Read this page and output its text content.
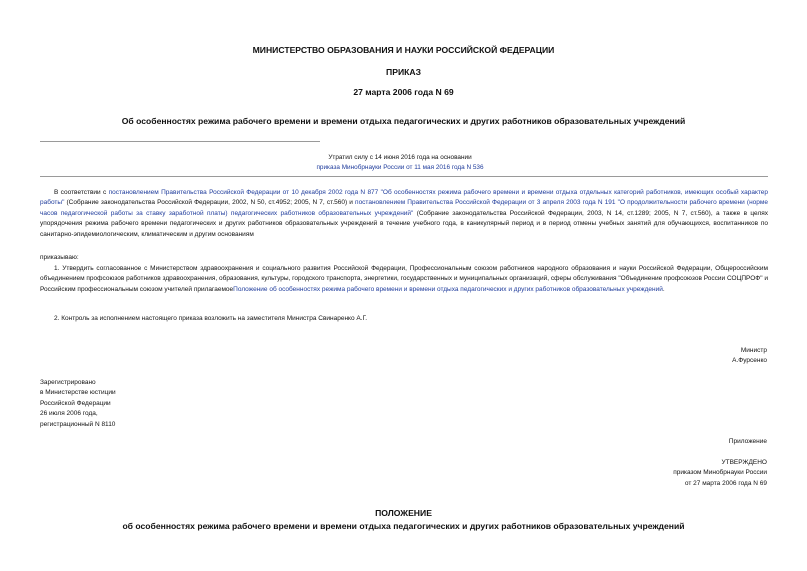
МИНИСТЕРСТВО ОБРАЗОВАНИЯ И НАУКИ РОССИЙСКОЙ ФЕДЕРАЦИИ
ПРИКАЗ
27 марта 2006 года N 69
Об особенностях режима рабочего времени и времени отдыха педагогических и других работников образовательных учреждений
Утратил силу с 14 июня 2016 года на основании
приказа Минобрнауки России от 11 мая 2016 года N 536
В соответствии с постановлением Правительства Российской Федерации от 10 декабря 2002 года N 877 "Об особенностях режима рабочего времени и времени отдыха отдельных категорий работников, имеющих особый характер работы" (Собрание законодательства Российской Федерации, 2002, N 50, ст.4952; 2005, N 7, ст.560) и постановлением Правительства Российской Федерации от 3 апреля 2003 года N 191 "О продолжительности рабочего времени (норме часов педагогической работы за ставку заработной платы) педагогических работников образовательных учреждений" (Собрание законодательства Российской Федерации, 2003, N 14, ст.1289; 2005, N 7, ст.560), а также в целях упорядочения режима рабочего времени педагогических и других работников образовательных учреждений в течение учебного года, в каникулярный период и в период отмены учебных занятий для обучающихся, воспитанников по санитарно-эпидемиологическим, климатическим и другим основаниям
приказываю:
1. Утвердить согласованное с Министерством здравоохранения и социального развития Российской Федерации, Профессиональным союзом работников народного образования и науки Российской Федерации, Общероссийским объединением профсоюзов работников здравоохранения, образования, культуры, городского транспорта, энергетики, государственных и муниципальных организаций, сферы обслуживания "Объединение профсоюзов России СОЦПРОФ" и Российским профессиональным союзом учителей прилагаемоеПоложение об особенностях режима рабочего времени и времени отдыха педагогических и других работников образовательных учреждений.
2. Контроль за исполнением настоящего приказа возложить на заместителя Министра Свинаренко А.Г.
Министр
А.Фурсенко
Зарегистрировано
в Министерстве юстиции
Российской Федерации
26 июля 2006 года,
регистрационный N 8110
Приложение
УТВЕРЖДЕНО
приказом Минобрнауки России
от 27 марта 2006 года N 69
ПОЛОЖЕНИЕ
об особенностях режима рабочего времени и времени отдыха педагогических и других работников образовательных учреждений
